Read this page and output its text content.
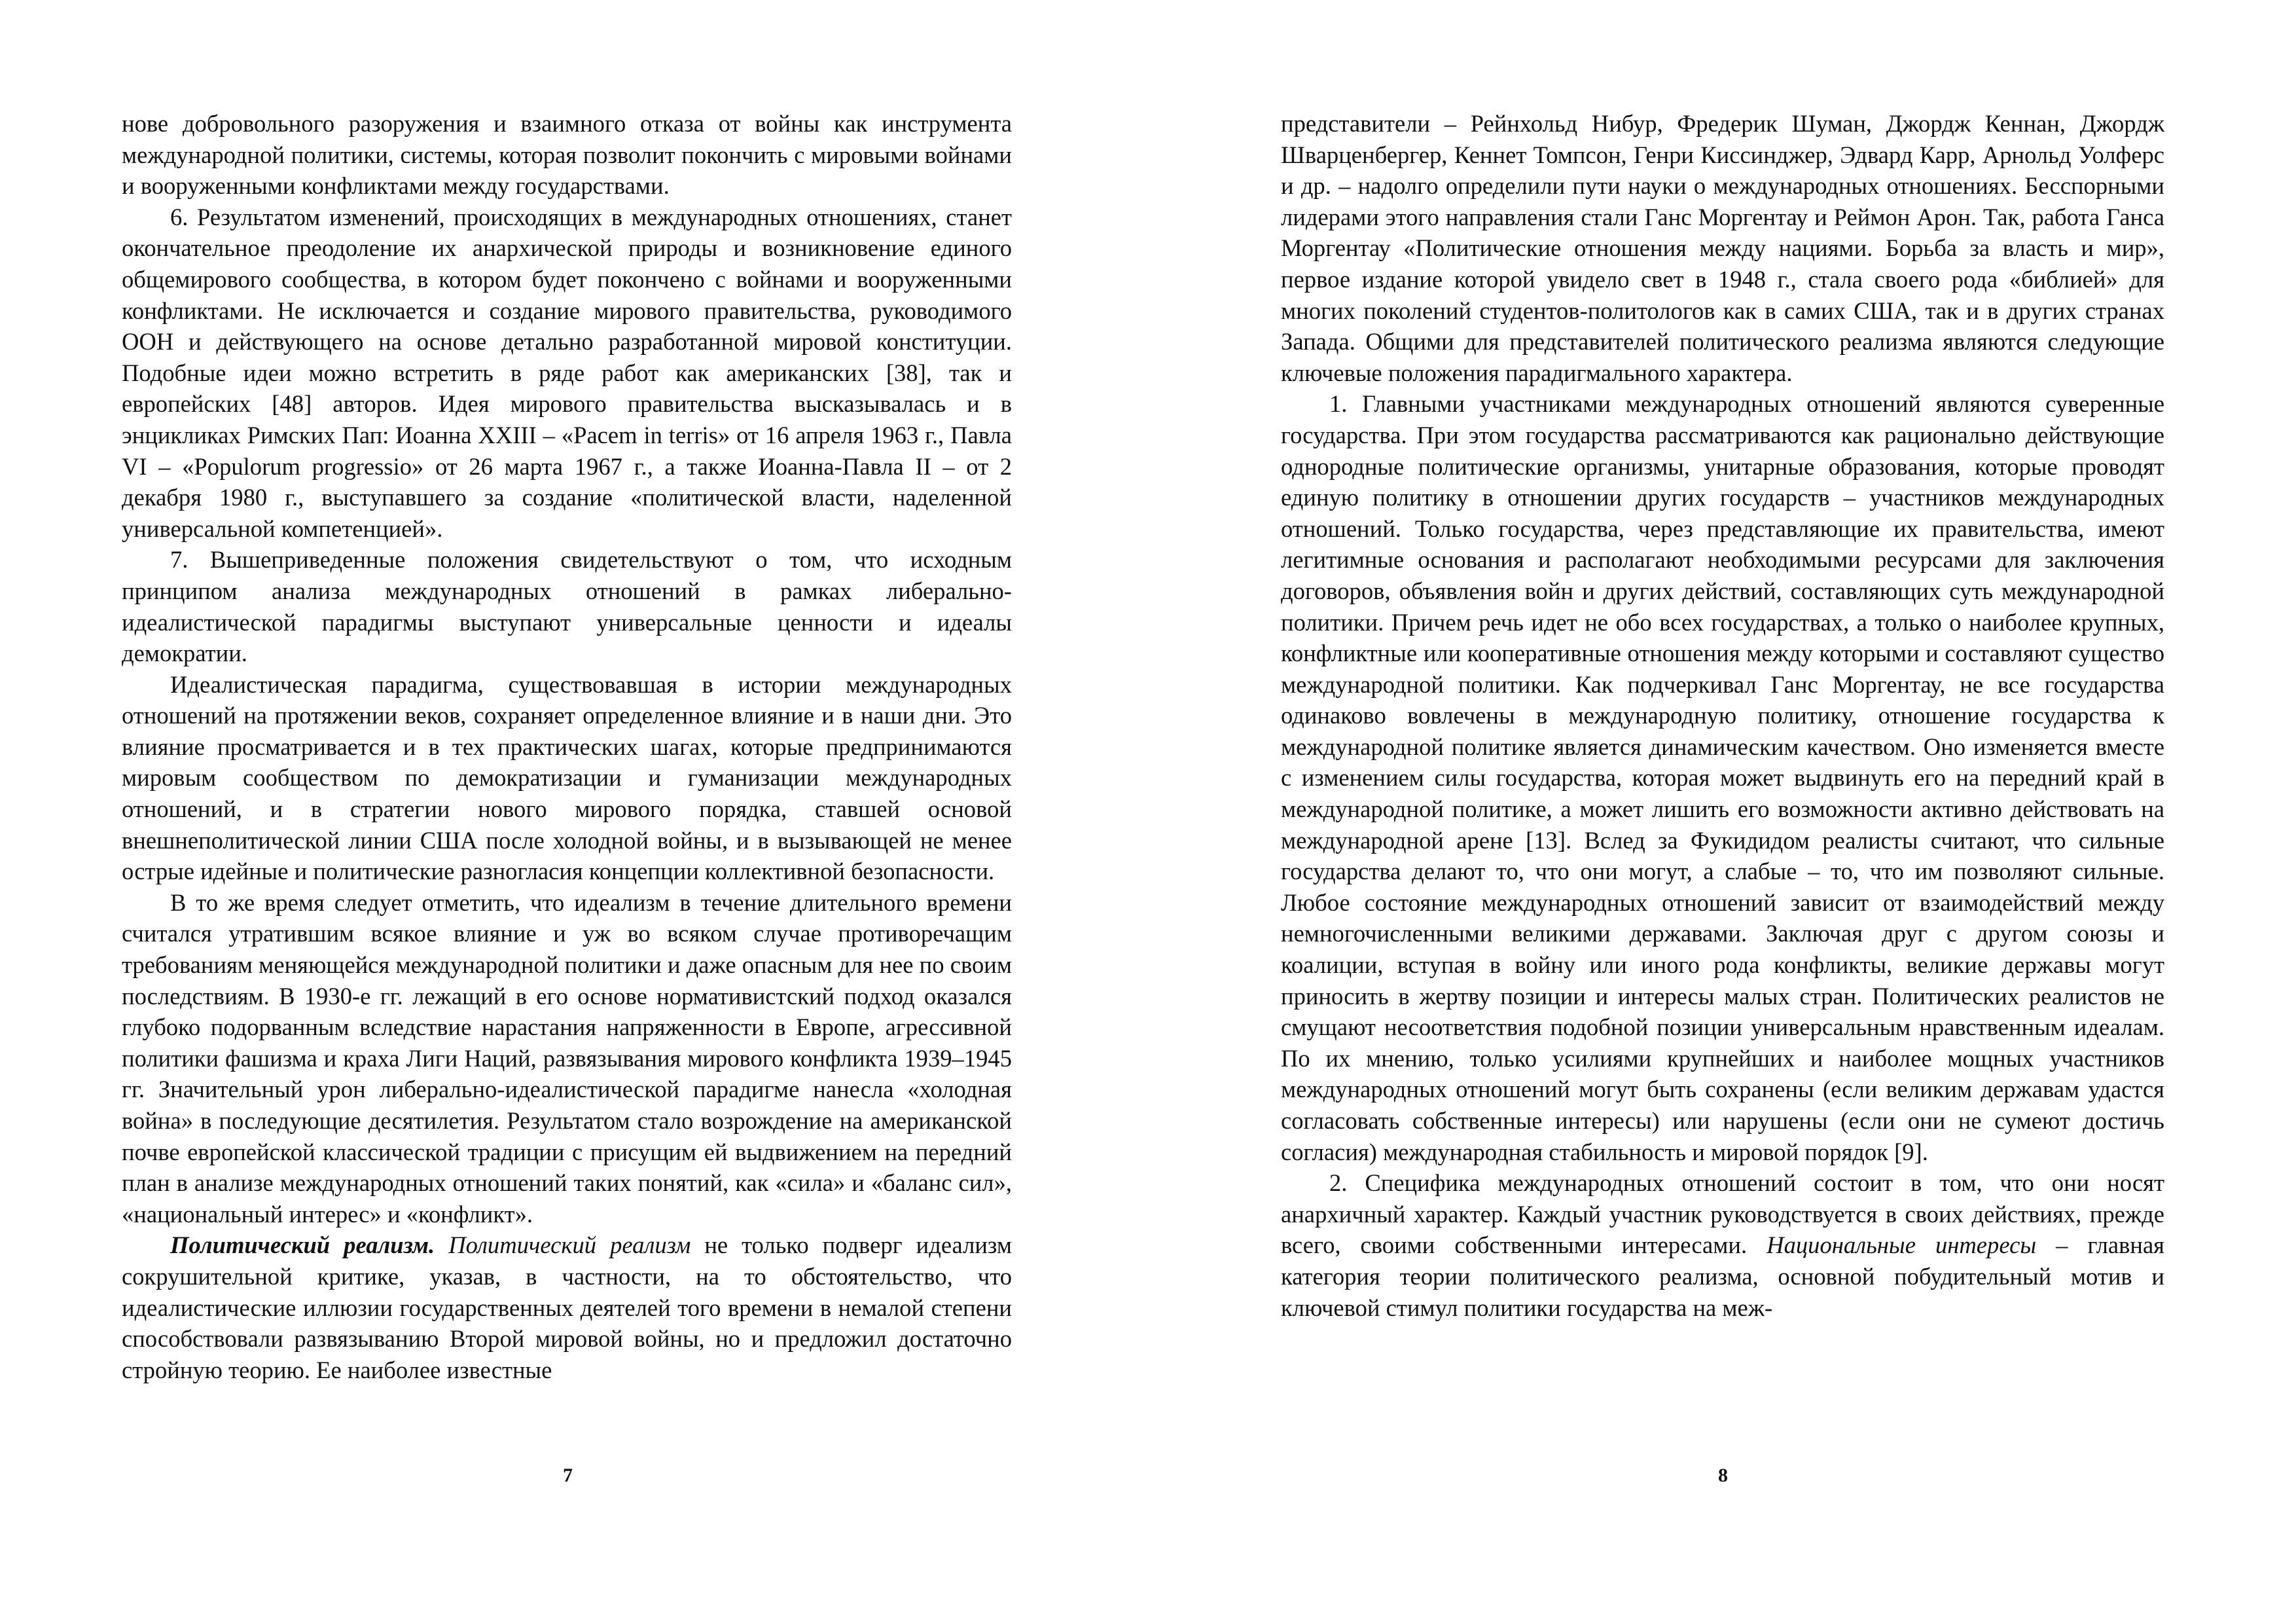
нове добровольного разоружения и взаимного отказа от войны как инструмента международной политики, системы, которая позволит покончить с мировыми войнами и вооруженными конфликтами между государствами.

6. Результатом изменений, происходящих в международных отношениях, станет окончательное преодоление их анархической природы и возникновение единого общемирового сообщества, в котором будет покончено с войнами и вооруженными конфликтами. Не исключается и создание мирового правительства, руководимого ООН и действующего на основе детально разработанной мировой конституции. Подобные идеи можно встретить в ряде работ как американских [38], так и европейских [48] авторов. Идея мирового правительства высказывалась и в энцикликах Римских Пап: Иоанна XXIII – «Pacem in terris» от 16 апреля 1963 г., Павла VI – «Populorum progressio» от 26 марта 1967 г., а также Иоанна-Павла II – от 2 декабря 1980 г., выступавшего за создание «политической власти, наделенной универсальной компетенцией».

7. Вышеприведенные положения свидетельствуют о том, что исходным принципом анализа международных отношений в рамках либерально-идеалистической парадигмы выступают универсальные ценности и идеалы демократии.

Идеалистическая парадигма, существовавшая в истории международных отношений на протяжении веков, сохраняет определенное влияние и в наши дни. Это влияние просматривается и в тех практических шагах, которые предпринимаются мировым сообществом по демократизации и гуманизации международных отношений, и в стратегии нового мирового порядка, ставшей основой внешнеполитической линии США после холодной войны, и в вызывающей не менее острые идейные и политические разногласия концепции коллективной безопасности.

В то же время следует отметить, что идеализм в течение длительного времени считался утратившим всякое влияние и уж во всяком случае противоречащим требованиям меняющейся международной политики и даже опасным для нее по своим последствиям. В 1930-е гг. лежащий в его основе нормативистский подход оказался глубоко подорванным вследствие нарастания напряженности в Европе, агрессивной политики фашизма и краха Лиги Наций, развязывания мирового конфликта 1939–1945 гг. Значительный урон либерально-идеалистической парадигме нанесла «холодная война» в последующие десятилетия. Результатом стало возрождение на американской почве европейской классической традиции с присущим ей выдвижением на передний план в анализе международных отношений таких понятий, как «сила» и «баланс сил», «национальный интерес» и «конфликт».

Политический реализм. Политический реализм не только подверг идеализм сокрушительной критике, указав, в частности, на то обстоятельство, что идеалистические иллюзии государственных деятелей того времени в немалой степени способствовали развязыванию Второй мировой войны, но и предложил достаточно стройную теорию. Ее наиболее известные

7

представители – Рейнхольд Нибур, Фредерик Шуман, Джордж Кеннан, Джордж Шварценбергер, Кеннет Томпсон, Генри Киссинджер, Эдвард Карр, Арнольд Уолферс и др. – надолго определили пути науки о международных отношениях. Бесспорными лидерами этого направления стали Ганс Моргентау и Реймон Арон. Так, работа Ганса Моргентау «Политические отношения между нациями. Борьба за власть и мир», первое издание которой увидело свет в 1948 г., стала своего рода «библией» для многих поколений студентов-политологов как в самих США, так и в других странах Запада. Общими для представителей политического реализма являются следующие ключевые положения парадигмального характера.

1. Главными участниками международных отношений являются суверенные государства. При этом государства рассматриваются как рационально действующие однородные политические организмы, унитарные образования, которые проводят единую политику в отношении других государств – участников международных отношений. Только государства, через представляющие их правительства, имеют легитимные основания и располагают необходимыми ресурсами для заключения договоров, объявления войн и других действий, составляющих суть международной политики. Причем речь идет не обо всех государствах, а только о наиболее крупных, конфликтные или кооперативные отношения между которыми и составляют существо международной политики. Как подчеркивал Ганс Моргентау, не все государства одинаково вовлечены в международную политику, отношение государства к международной политике является динамическим качеством. Оно изменяется вместе с изменением силы государства, которая может выдвинуть его на передний край в международной политике, а может лишить его возможности активно действовать на международной арене [13]. Вслед за Фукидидом реалисты считают, что сильные государства делают то, что они могут, а слабые – то, что им позволяют сильные. Любое состояние международных отношений зависит от взаимодействий между немногочисленными великими державами. Заключая друг с другом союзы и коалиции, вступая в войну или иного рода конфликты, великие державы могут приносить в жертву позиции и интересы малых стран. Политических реалистов не смущают несоответствия подобной позиции универсальным нравственным идеалам. По их мнению, только усилиями крупнейших и наиболее мощных участников международных отношений могут быть сохранены (если великим державам удастся согласовать собственные интересы) или нарушены (если они не сумеют достичь согласия) международная стабильность и мировой порядок [9].

2. Специфика международных отношений состоит в том, что они носят анархичный характер. Каждый участник руководствуется в своих действиях, прежде всего, своими собственными интересами. Национальные интересы – главная категория теории политического реализма, основной побудительный мотив и ключевой стимул политики государства на меж-

8
